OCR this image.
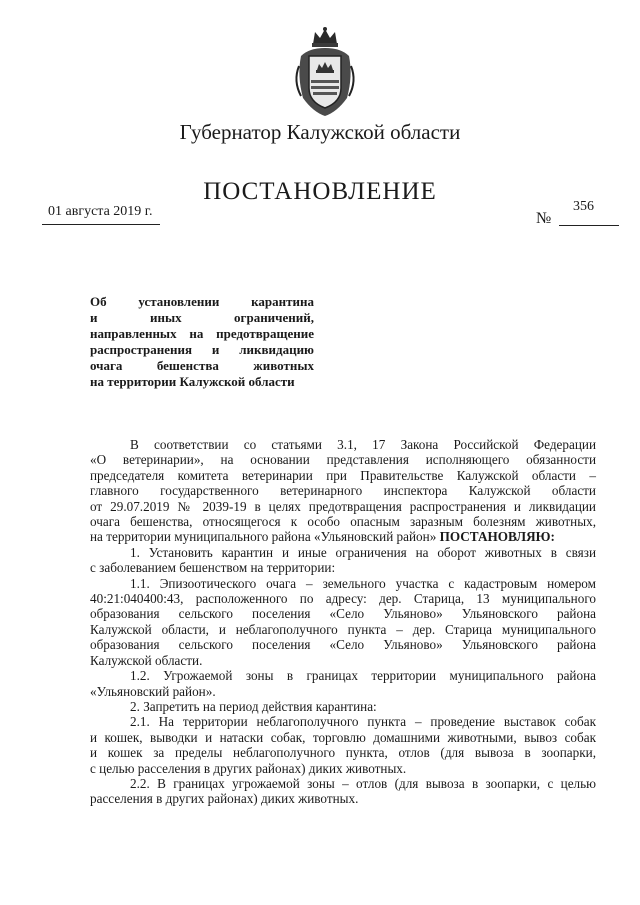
Губернатор Калужской области
ПОСТАНОВЛЕНИЕ
01 августа 2019 г.	№
356
Об установлении карантина
и иных ограничений,
направленных на предотвращение
распространения и ликвидацию
очага бешенства животных
на территории Калужской области
В соответствии со статьями 3.1, 17 Закона Российской Федерации
«О ветеринарии», на основании представления исполняющего обязанности
председателя комитета ветеринарии при Правительстве Калужской области –
главного государственного ветеринарного инспектора Калужской области
от 29.07.2019 № 2039-19 в целях предотвращения распространения и ликвидации
очага бешенства, относящегося к особо опасным заразным болезням животных,
на территории муниципального района «Ульяновский район» ПОСТАНОВЛЯЮ:
1. Установить карантин и иные ограничения на оборот животных в связи
с заболеванием бешенством на территории:
1.1. Эпизоотического очага – земельного участка с кадастровым номером
40:21:040400:43, расположенного по адресу: дер. Старица, 13 муниципального
образования сельского поселения «Село Ульяново» Ульяновского района
Калужской области, и неблагополучного пункта – дер. Старица муниципального
образования сельского поселения «Село Ульяново» Ульяновского района
Калужской области.
1.2. Угрожаемой зоны в границах территории муниципального района
«Ульяновский район».
2. Запретить на период действия карантина:
2.1. На территории неблагополучного пункта – проведение выставок собак
и кошек, выводки и натаски собак, торговлю домашними животными, вывоз собак
и кошек за пределы неблагополучного пункта, отлов (для вывоза в зоопарки,
с целью расселения в других районах) диких животных.
2.2. В границах угрожаемой зоны – отлов (для вывоза в зоопарки, с целью
расселения в других районах) диких животных.
